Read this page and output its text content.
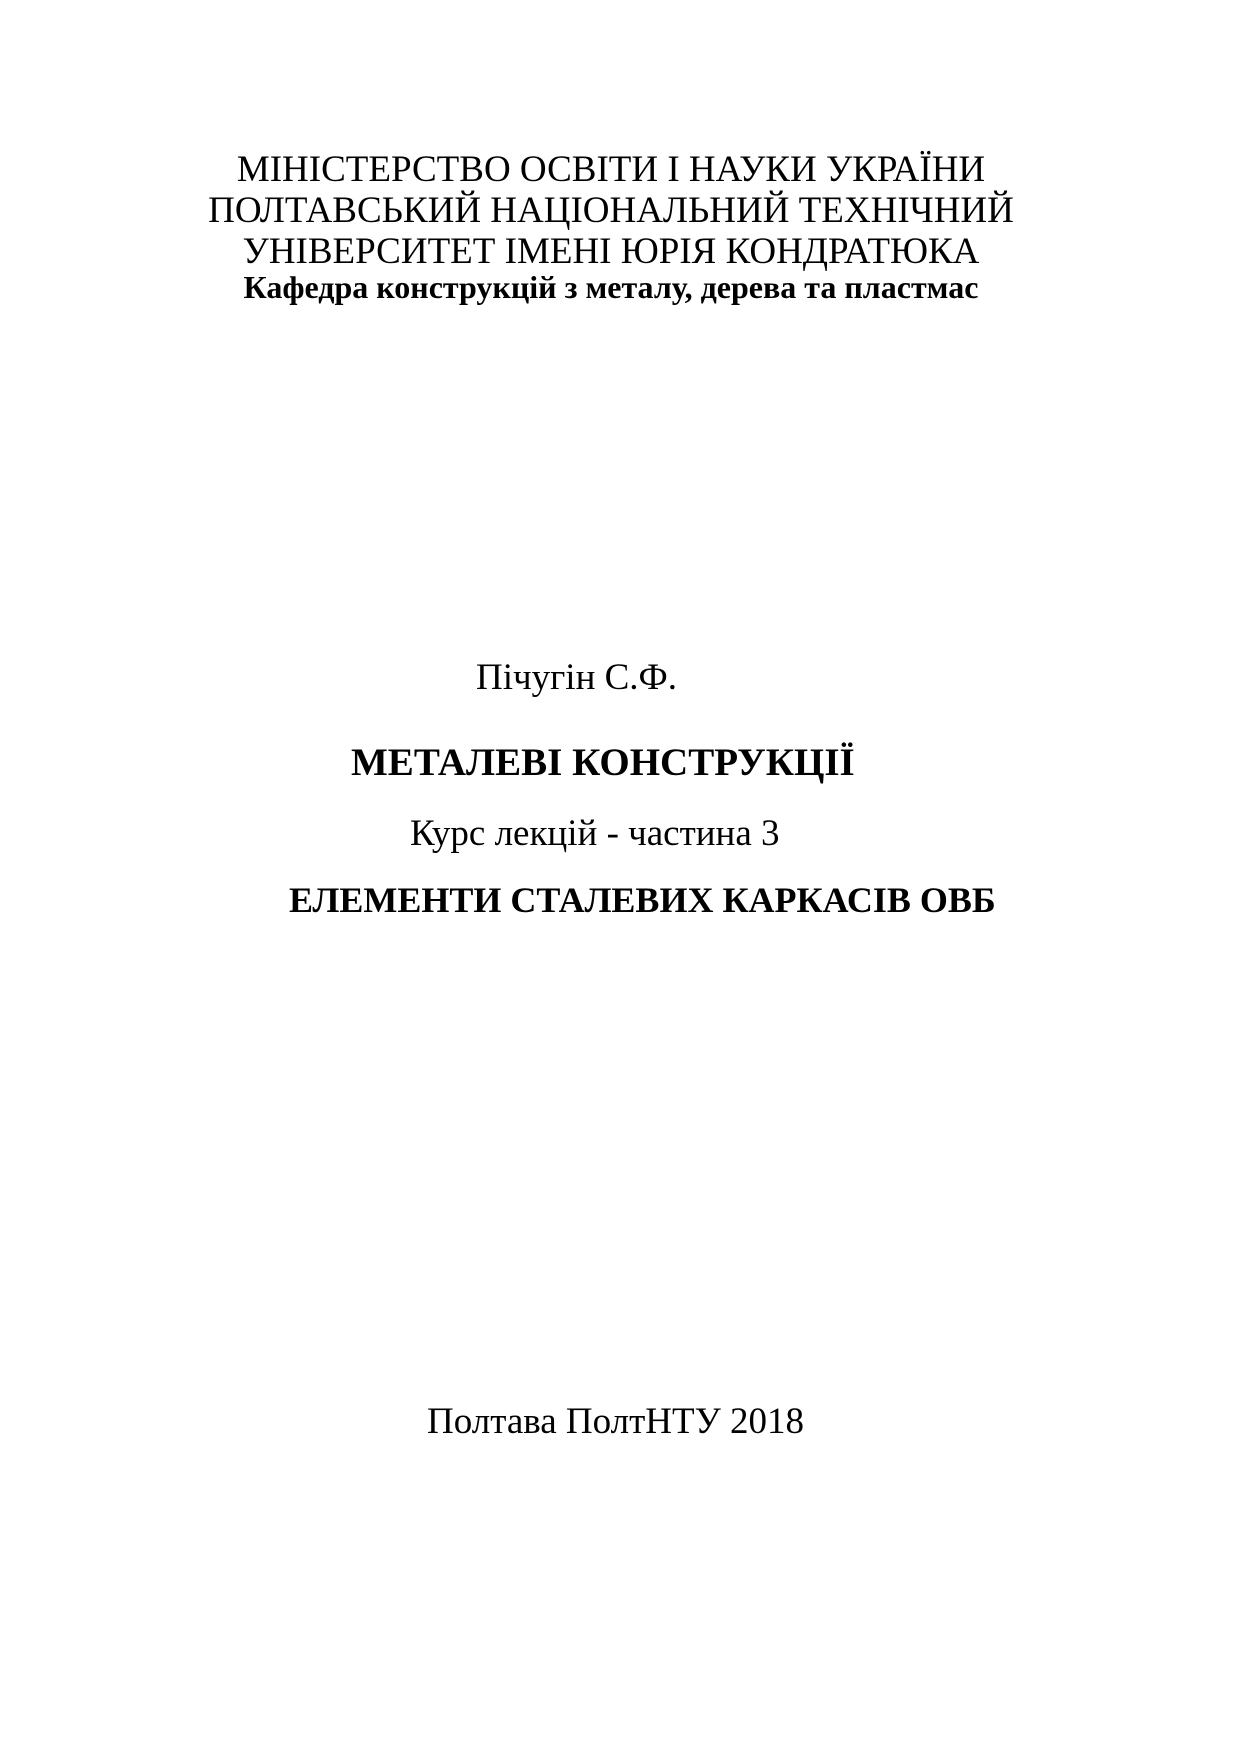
МІНІСТЕРСТВО ОСВІТИ І НАУКИ УКРАЇНИ
ПОЛТАВСЬКИЙ НАЦІОНАЛЬНИЙ ТЕХНІЧНИЙ
УНІВЕРСИТЕТ ІМЕНІ ЮРІЯ КОНДРАТЮКА
Кафедра конструкцій з металу, дерева та пластмас
Пічугін С.Ф.
МЕТАЛЕВІ КОНСТРУКЦІЇ
Курс лекцій - частина 3
ЕЛЕМЕНТИ СТАЛЕВИХ КАРКАСІВ ОВБ
Полтава ПолтНТУ 2018
